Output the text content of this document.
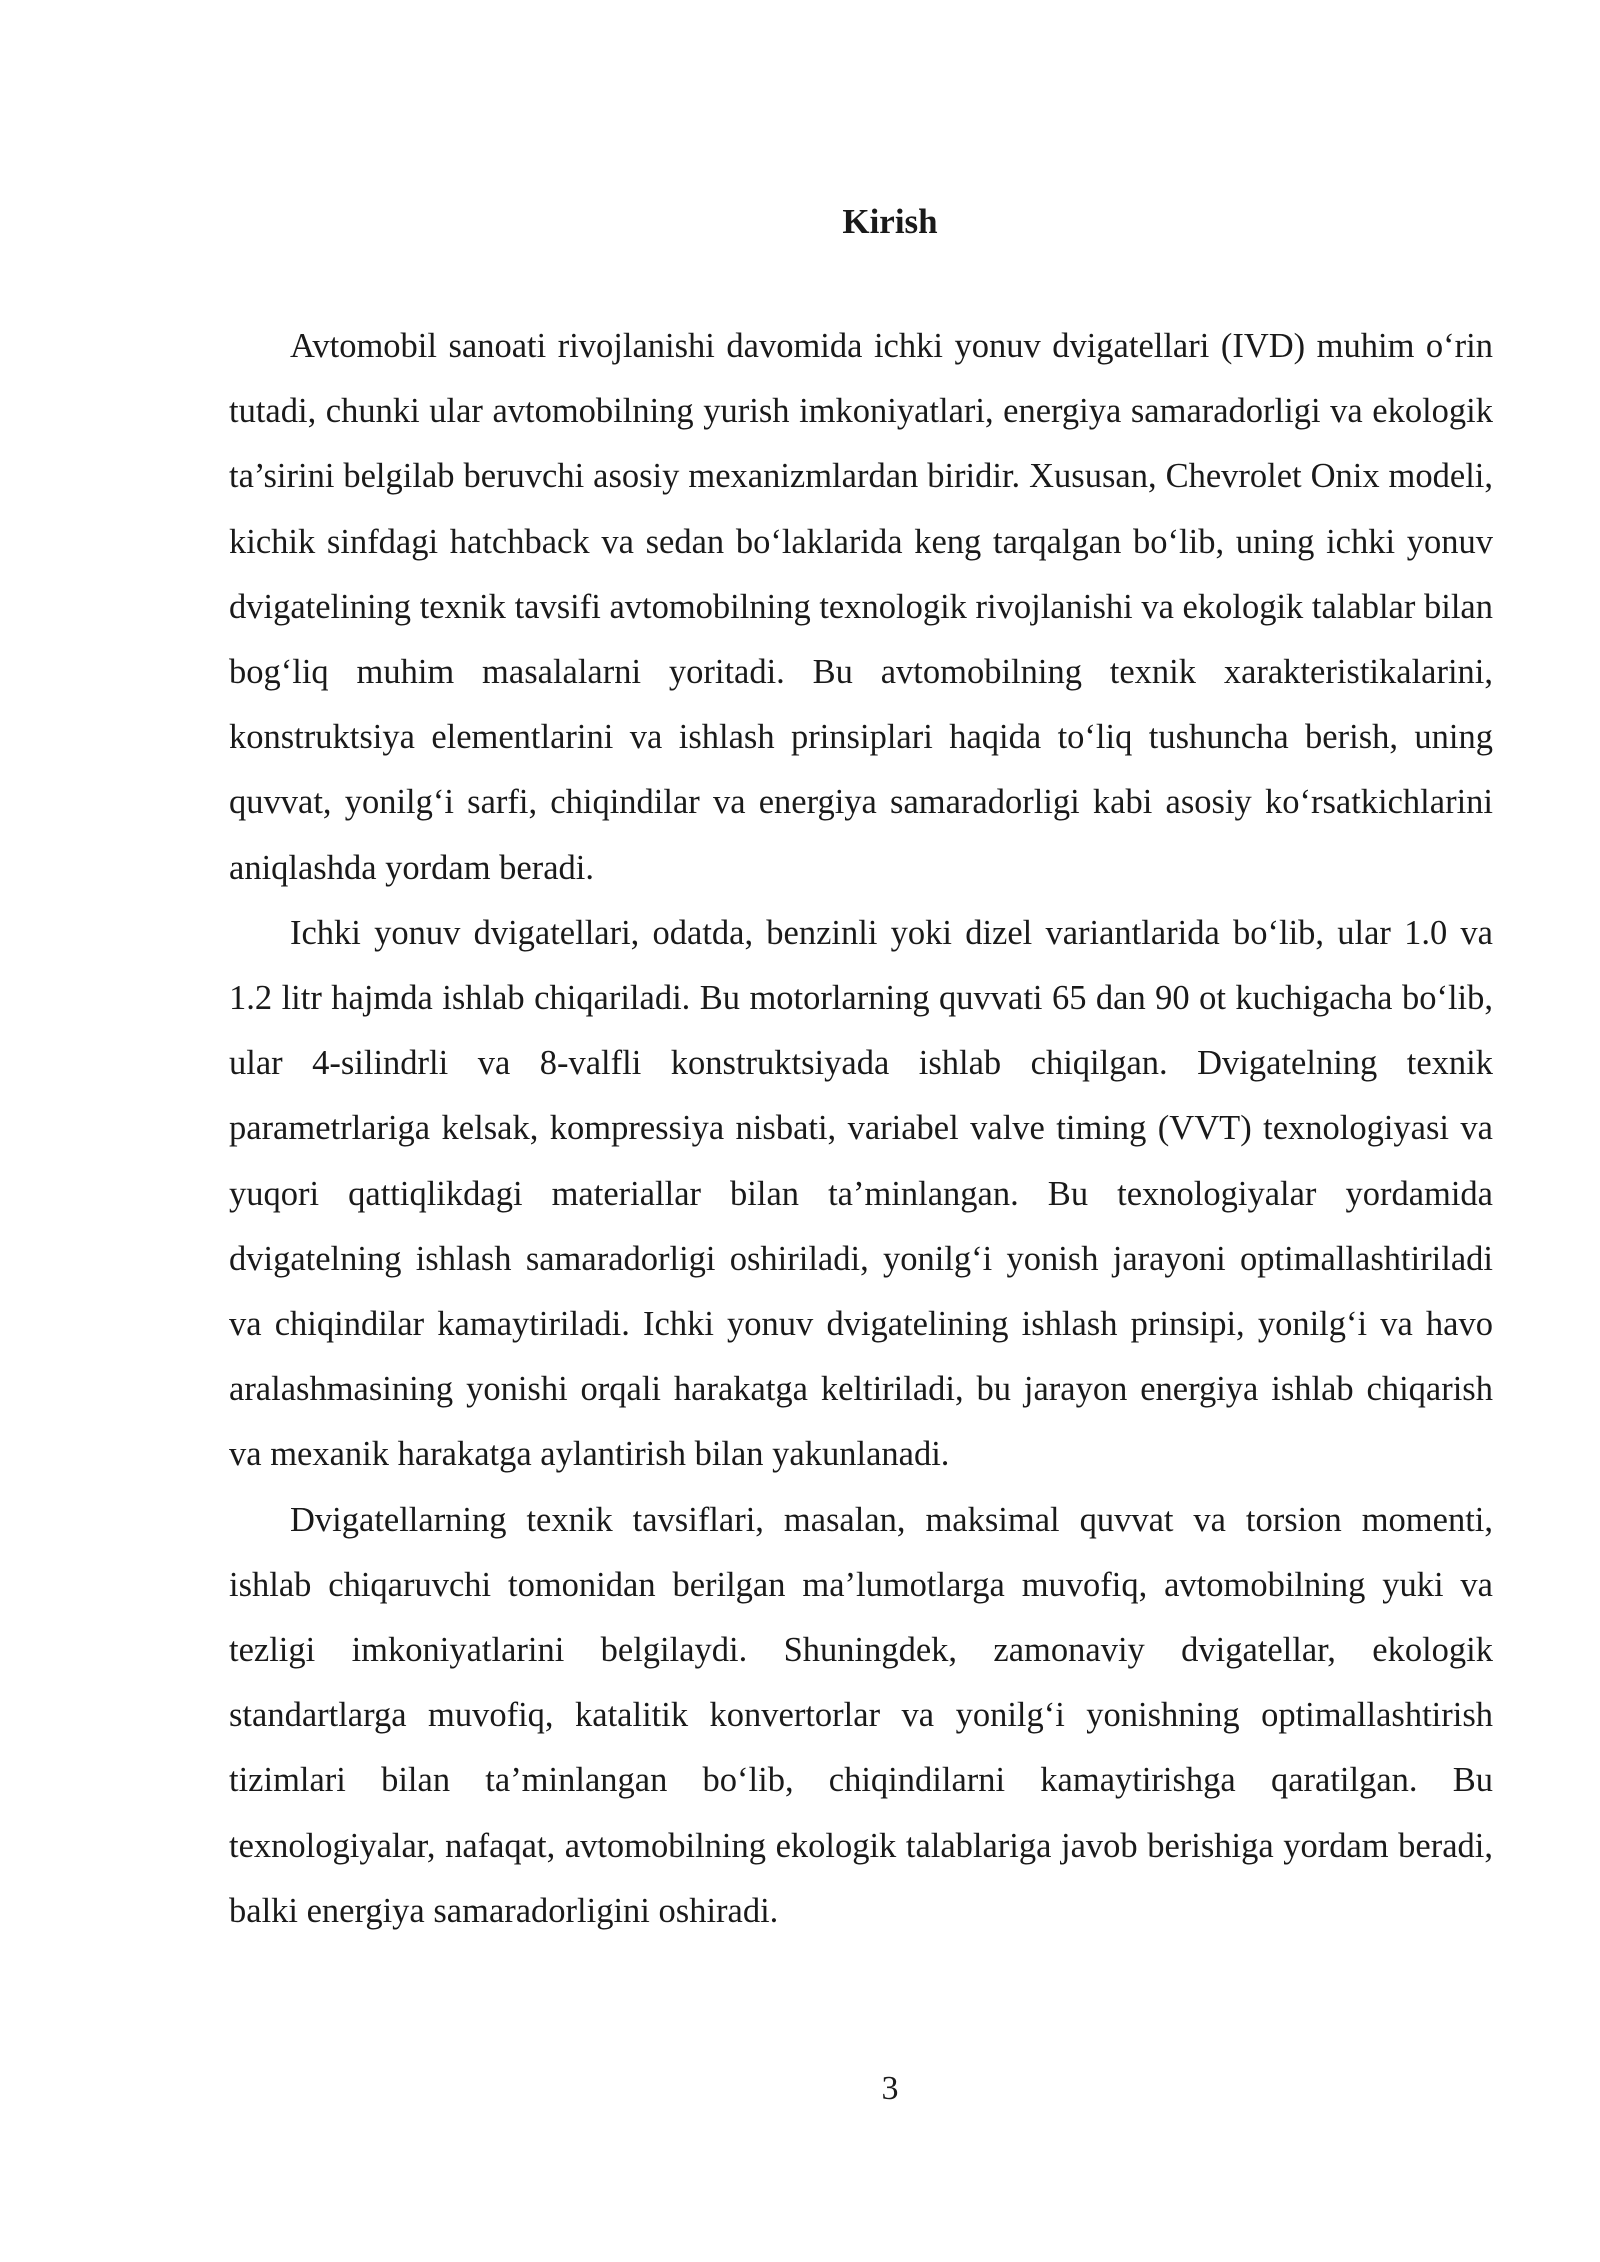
Kirish

Avtomobil sanoati rivojlanishi davomida ichki yonuv dvigatellari (IVD) muhim o‘rin tutadi, chunki ular avtomobilning yurish imkoniyatlari, energiya samaradorligi va ekologik ta’sirini belgilab beruvchi asosiy mexanizmlardan biridir. Xususan, Chevrolet Onix modeli, kichik sinfdagi hatchback va sedan bo‘laklarida keng tarqalgan bo‘lib, uning ichki yonuv dvigatelining texnik tavsifi avtomobilning texnologik rivojlanishi va ekologik talablar bilan bog‘liq muhim masalalarni yoritadi. Bu avtomobilning texnik xarakteristikalarini, konstruktsiya elementlarini va ishlash prinsiplari haqida to‘liq tushuncha berish, uning quvvat, yonilg‘i sarfi, chiqindilar va energiya samaradorligi kabi asosiy ko‘rsatkichlarini aniqlashda yordam beradi.

Ichki yonuv dvigatellari, odatda, benzinli yoki dizel variantlarida bo‘lib, ular 1.0 va 1.2 litr hajmda ishlab chiqariladi. Bu motorlarning quvvati 65 dan 90 ot kuchigacha bo‘lib, ular 4-silindrli va 8-valfli konstruktsiyada ishlab chiqilgan. Dvigatelning texnik parametrlariga kelsak, kompressiya nisbati, variabel valve timing (VVT) texnologiyasi va yuqori qattiqlikdagi materiallar bilan ta’minlangan. Bu texnologiyalar yordamida dvigatelning ishlash samaradorligi oshiriladi, yonilg‘i yonish jarayoni optimallashtiriladi va chiqindilar kamaytiriladi. Ichki yonuv dvigatelining ishlash prinsipi, yonilg‘i va havo aralashmasining yonishi orqali harakatga keltiriladi, bu jarayon energiya ishlab chiqarish va mexanik harakatga aylantirish bilan yakunlanadi.

Dvigatellarning texnik tavsiflari, masalan, maksimal quvvat va torsion momenti, ishlab chiqaruvchi tomonidan berilgan ma’lumotlarga muvofiq, avtomobilning yuki va tezligi imkoniyatlarini belgilaydi. Shuningdek, zamonaviy dvigatellar, ekologik standartlarga muvofiq, katalitik konvertorlar va yonilg‘i yonishning optimallashtirish tizimlari bilan ta’minlangan bo‘lib, chiqindilarni kamaytirishga qaratilgan. Bu texnologiyalar, nafaqat, avtomobilning ekologik talablariga javob berishiga yordam beradi, balki energiya samaradorligini oshiradi.

3
